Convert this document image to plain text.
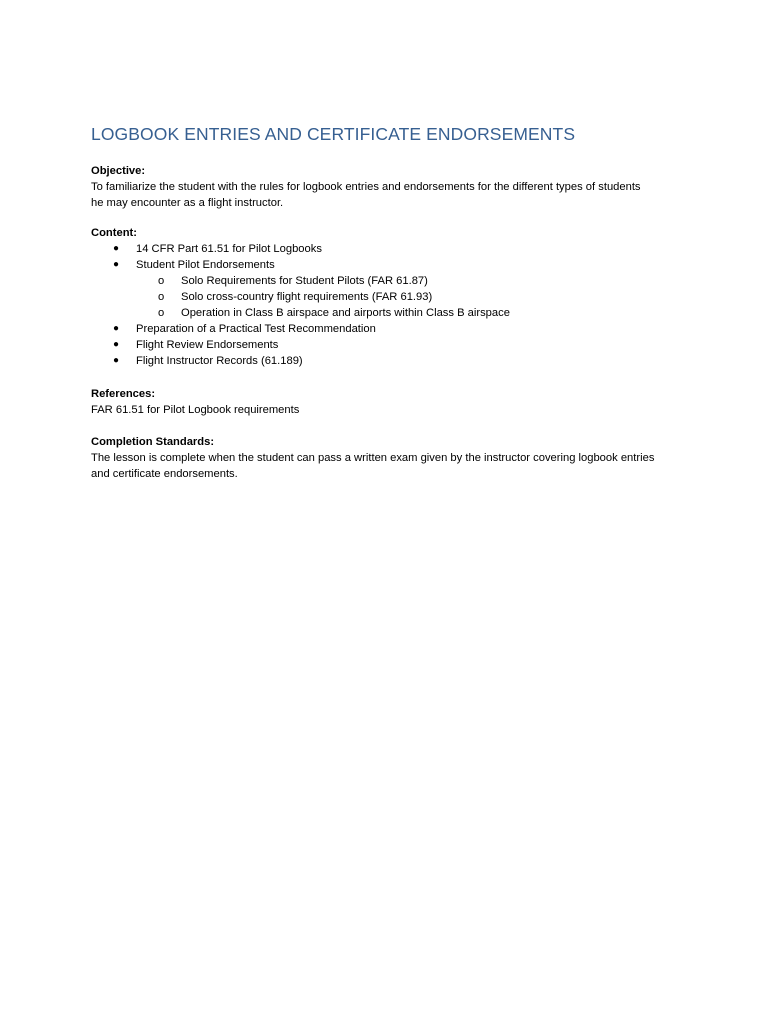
LOGBOOK ENTRIES AND CERTIFICATE ENDORSEMENTS
Objective:
To familiarize the student with the rules for logbook entries and endorsements for the different types of students
he may encounter as a flight instructor.
Content:
● 14 CFR Part 61.51 for Pilot Logbooks
● Student Pilot Endorsements
o Solo Requirements for Student Pilots (FAR 61.87)
o Solo cross-country flight requirements (FAR 61.93)
o Operation in Class B airspace and airports within Class B airspace
● Preparation of a Practical Test Recommendation
● Flight Review Endorsements
● Flight Instructor Records (61.189)
References:
FAR 61.51 for Pilot Logbook requirements
Completion Standards:
The lesson is complete when the student can pass a written exam given by the instructor covering logbook entries
and certificate endorsements.
